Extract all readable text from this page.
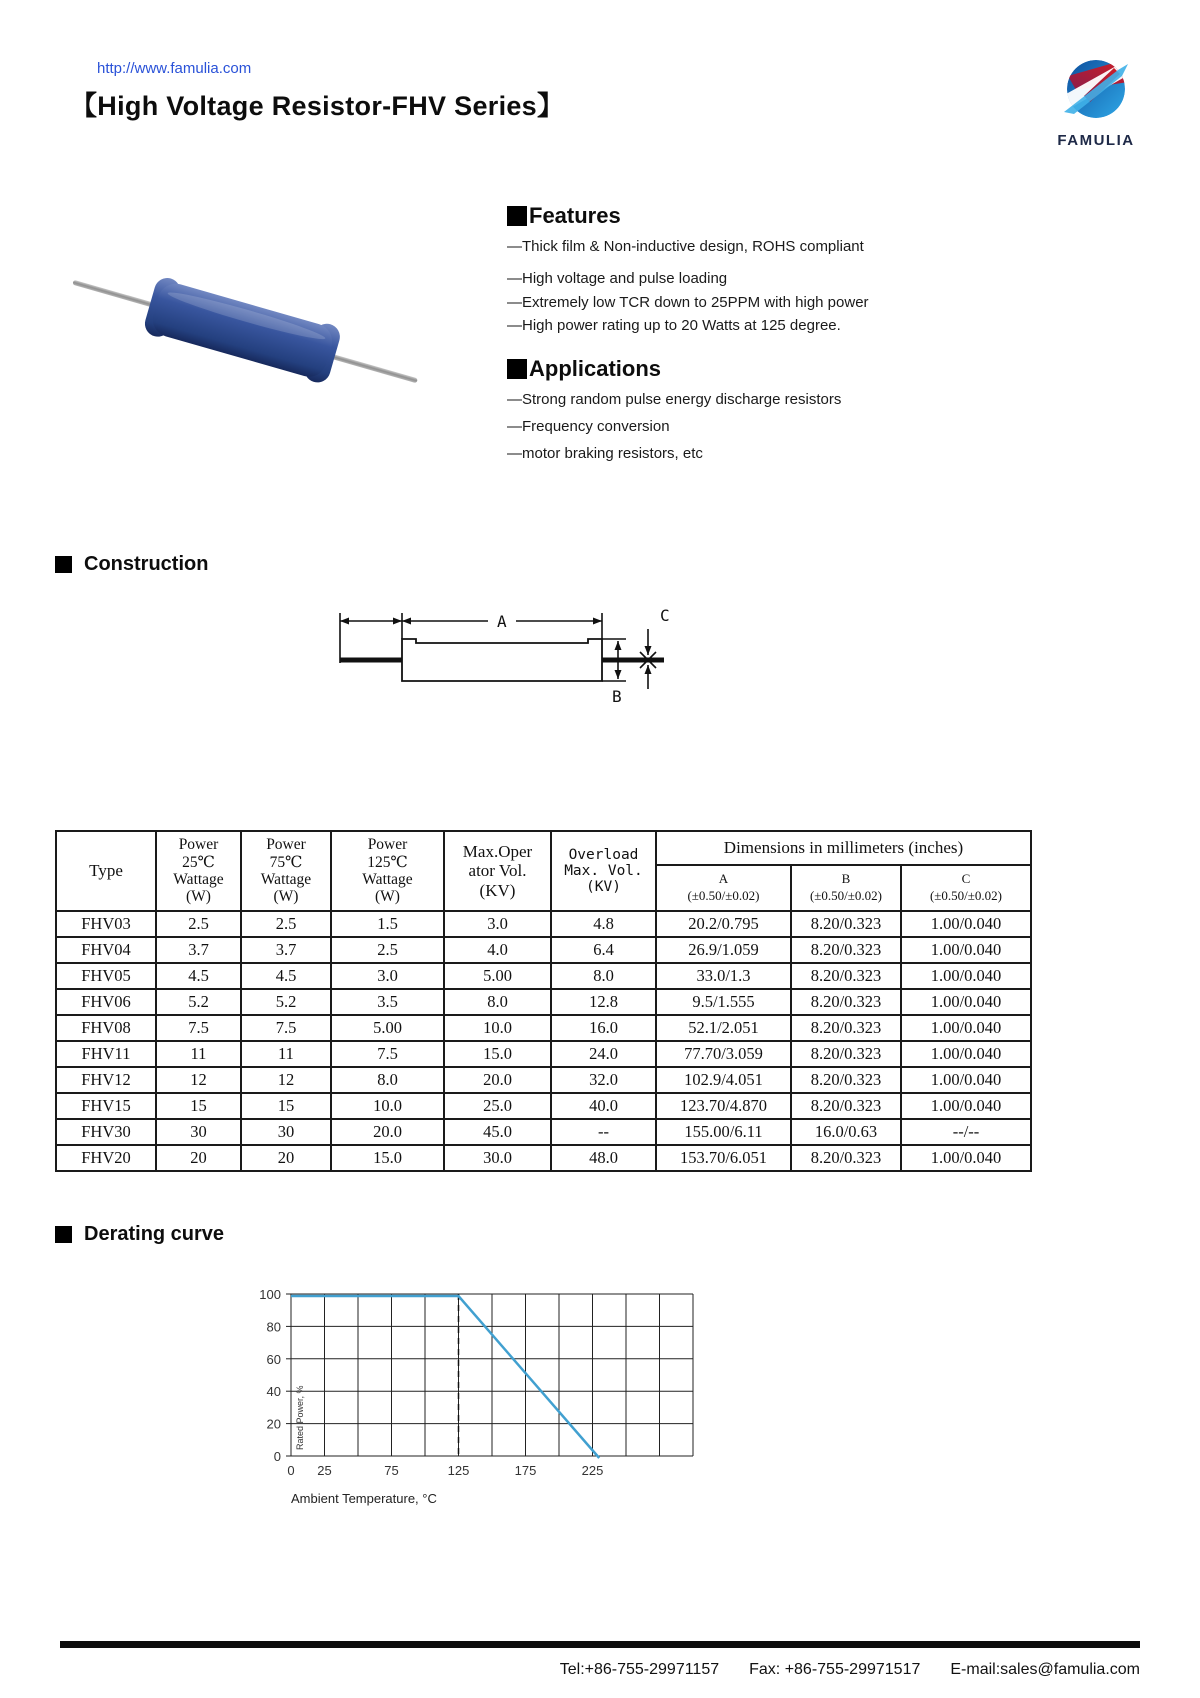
http://www.famulia.com
【High Voltage Resistor-FHV Series】
FAMULIA
Features

—Thick film & Non-inductive design, ROHS compliant

—High voltage and pulse loading

—Extremely low TCR down to 25PPM with high power

—High power rating up to 20 Watts at 125 degree.

Applications

—Strong random pulse energy discharge resistors

—Frequency conversion

—motor braking resistors, etc

Construction
A
B
C
Type	Power
25℃
Wattage
(W)	Power
75℃
Wattage
(W)	Power
125℃
Wattage
(W)	Max.Oper
ator Vol.
(KV)	Overload
Max. Vol.
(KV)	Dimensions in millimeters (inches)		
						A
(±0.50/±0.02)	B
(±0.50/±0.02)	C
(±0.50/±0.02)
FHV03	2.5	2.5	1.5	3.0	4.8	20.2/0.795	8.20/0.323	1.00/0.040
FHV04	3.7	3.7	2.5	4.0	6.4	26.9/1.059	8.20/0.323	1.00/0.040
FHV05	4.5	4.5	3.0	5.00	8.0	33.0/1.3	8.20/0.323	1.00/0.040
FHV06	5.2	5.2	3.5	8.0	12.8	9.5/1.555	8.20/0.323	1.00/0.040
FHV08	7.5	7.5	5.00	10.0	16.0	52.1/2.051	8.20/0.323	1.00/0.040
FHV11	11	11	7.5	15.0	24.0	77.70/3.059	8.20/0.323	1.00/0.040
FHV12	12	12	8.0	20.0	32.0	102.9/4.051	8.20/0.323	1.00/0.040
FHV15	15	15	10.0	25.0	40.0	123.70/4.870	8.20/0.323	1.00/0.040
FHV30	30	30	20.0	45.0	--	155.00/6.11	16.0/0.63	--/--
FHV20	20	20	15.0	30.0	48.0	153.70/6.051	8.20/0.323	1.00/0.040
Derating curve
0
20
40
60
80
100
0 25	75	125	175	225
Ambient Temperature, °C
Rated Power, %
Tel:+86-755-29971157 Fax: +86-755-29971517 E-mail:sales@famulia.com
